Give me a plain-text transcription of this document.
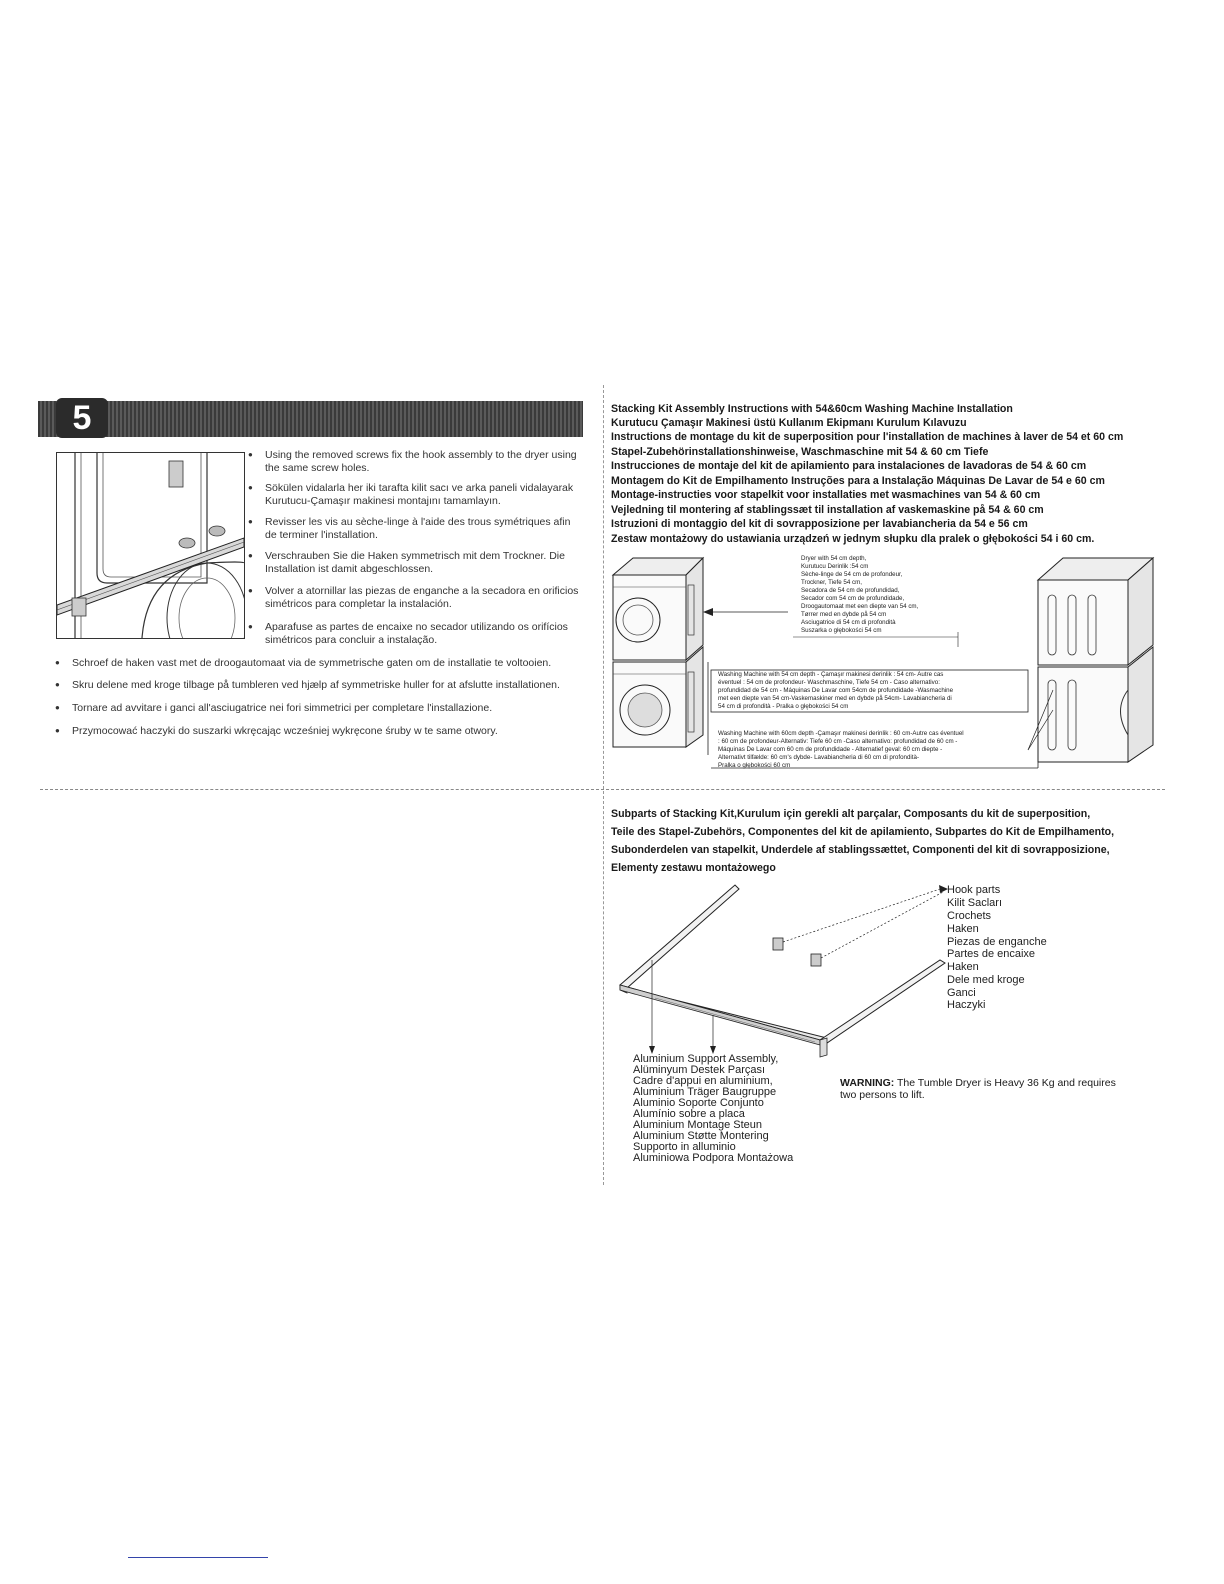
5
● Using the removed screws fix the hook assembly to the dryer using the same screw holes.
● Sökülen vidalarla her iki tarafta kilit sacı ve arka paneli vidalayarak Kurutucu-Çamaşır makinesi montajını tamamlayın.
● Revisser les vis au sèche-linge à l'aide des trous symétriques afin de terminer l'installation.
● Verschrauben Sie die Haken symmetrisch mit dem Trockner. Die Installation ist damit abgeschlossen.
● Volver a atornillar las piezas de enganche a la secadora en orificios simétricos para completar la instalación.
● Aparafuse as partes de encaixe no secador utilizando os orifícios simétricos para concluir a instalação.
● Schroef de haken vast met de droogautomaat via de symmetrische gaten om de installatie te voltooien.
● Skru delene med kroge tilbage på tumbleren ved hjælp af symmetriske huller for at afslutte installationen.
● Tornare ad avvitare i ganci all'asciugatrice nei fori simmetrici per completare l'installazione.
● Przymocować haczyki do suszarki wkręcając wcześniej wykręcone śruby w te same otwory.
Stacking Kit Assembly Instructions with 54&60cm Washing Machine Installation
Kurutucu Çamaşır Makinesi üstü Kullanım Ekipmanı Kurulum Kılavuzu
Instructions de montage du kit de superposition pour l'installation de machines à laver de 54 et 60 cm
Stapel-Zubehörinstallationshinweise, Waschmaschine mit 54 & 60 cm Tiefe
Instrucciones de montaje del kit de apilamiento para instalaciones de lavadoras de 54 & 60 cm
Montagem do Kit de Empilhamento Instruções para a Instalação Máquinas De Lavar de 54 e 60 cm
Montage-instructies voor stapelkit voor installaties met wasmachines van 54 & 60 cm
Vejledning til montering af stablingssæt til installation af vaskemaskine på 54 & 60 cm
Istruzioni di montaggio del kit di sovrapposizione per lavabiancheria da 54 e 56 cm
Zestaw montażowy do ustawiania urządzeń w jednym słupku dla pralek o głębokości 54 i 60 cm.
Dryer with 54 cm depth,
Kurutucu Derinlik :54 cm
Sèche-linge de 54 cm de profondeur,
Trockner, Tiefe 54 cm,
Secadora de 54 cm de profundidad,
Secador com 54 cm de profundidade,
Droogautomaat met een diepte van 54 cm,
Tørrer med en dybde på 54 cm
Asciugatrice di 54 cm di profondità
Suszarka o głębokości 54 cm
Washing Machine with 54 cm depth - Çamaşır makinesi derinlik : 54 cm- Autre cas
éventuel : 54 cm de profondeur- Waschmaschine, Tiefe 54 cm - Caso alternativo:
profundidad de 54 cm - Máquinas De Lavar com 54cm de profundidade -Wasmachine
met een diepte van 54 cm-Vaskemaskiner med en dybde på 54cm- Lavabiancheria di
54 cm di profondità - Pralka o głębokości 54 cm
Washing Machine with 60cm depth -Çamaşır makinesi derinlik : 60 cm-Autre cas éventuel
: 60 cm de profondeur-Alternativ: Tiefe 60 cm -Caso alternativo: profundidad de 60 cm -
Máquinas De Lavar com 60 cm de profundidade - Alternatief geval: 60 cm diepte -
Alternativt tilfælde: 60 cm's dybde- Lavabiancheria di 60 cm di profondità-
Pralka o głębokości 60 cm
Subparts of Stacking Kit,Kurulum için gerekli alt parçalar, Composants du kit de superposition,
Teile des Stapel-Zubehörs, Componentes del kit de apilamiento, Subpartes do Kit de Empilhamento,
Subonderdelen van stapelkit, Underdele af stablingssættet, Componenti del kit di sovrapposizione,
Elementy zestawu montażowego
Hook parts
Kilit Sacları
Crochets
Haken
Piezas de enganche
Partes de encaixe
Haken
Dele med kroge
Ganci
Haczyki
Aluminium Support Assembly,
Alüminyum Destek Parçası
Cadre d'appui en aluminium,
Aluminium Träger Baugruppe
Aluminio Soporte Conjunto
Alumínio sobre a placa
Aluminium Montage Steun
Aluminium Støtte Montering
Supporto in alluminio
Aluminiowa Podpora Montażowa
WARNING: The Tumble Dryer is Heavy 36 Kg and requires
two persons to lift.
